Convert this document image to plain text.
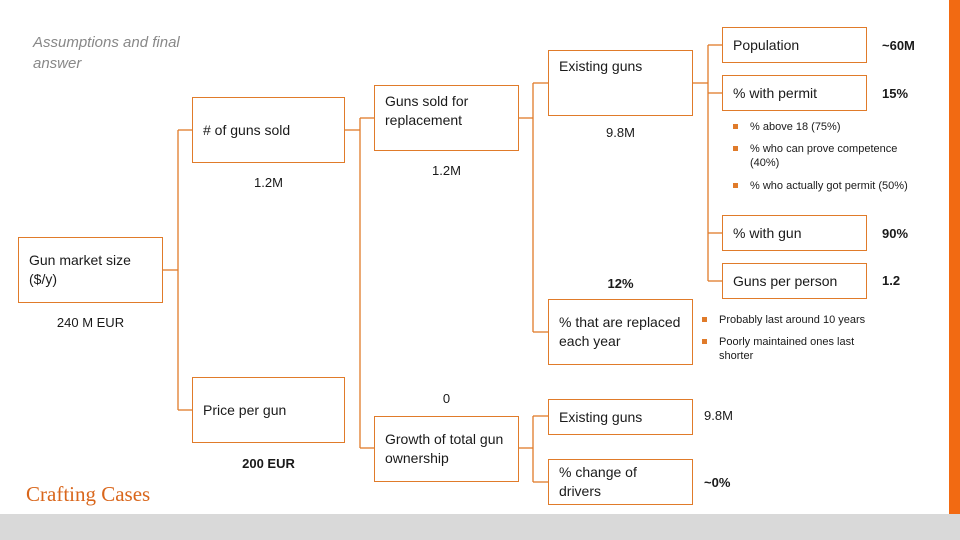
Assumptions and final answer
Gun market size ($/y)
240 M EUR
# of guns sold
1.2M
Price per gun
200 EUR
Guns sold for replacement
1.2M
0
Growth of total gun ownership
Existing guns
9.8M
12%
% that are replaced each year
Existing guns	9.8M
% change of drivers
~0%
Population	~60M
% with permit	15%
% above 18 (75%)
% who can prove competence (40%)
% who actually got permit (50%)
% with gun	90%
Guns per person	1.2
Probably last around 10 years
Poorly maintained ones last shorter
Crafting Cases
